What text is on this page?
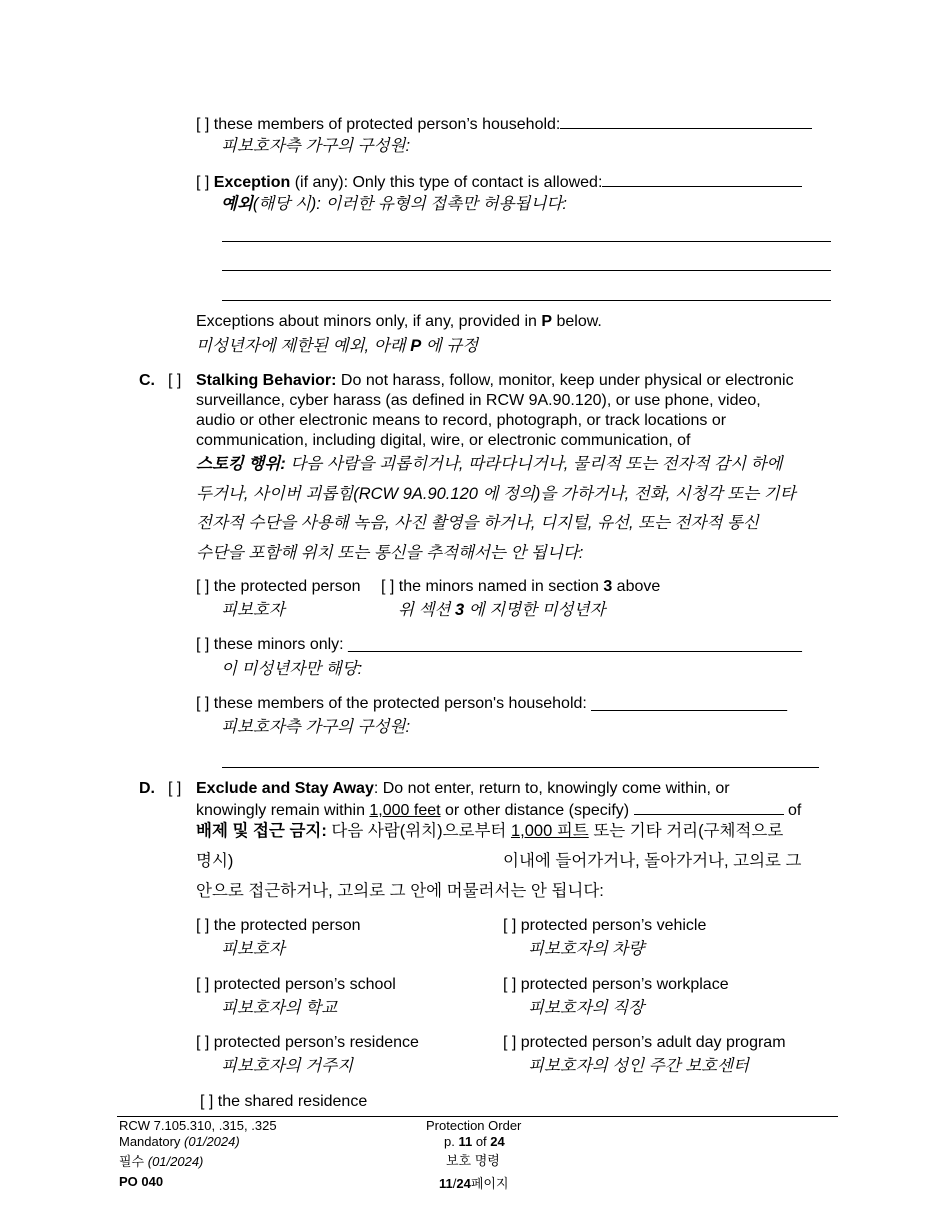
[ ] these members of protected person’s household:
피보호자측 가구의 구성원:
[ ] Exception (if any): Only this type of contact is allowed:
예외(해당 시): 이러한 유형의 접촉만 허용됩니다:
Exceptions about minors only, if any, provided in P below.
미성년자에 제한된 예외, 아래 P 에 규정
C. [ ] Stalking Behavior: Do not harass, follow, monitor, keep under physical or electronic
surveillance, cyber harass (as defined in RCW 9A.90.120), or use phone, video,
audio or other electronic means to record, photograph, or track locations or
communication, including digital, wire, or electronic communication, of
스토킹 행위: 다음 사람을 괴롭히거나, 따라다니거나, 물리적 또는 전자적 감시 하에
두거나, 사이버 괴롭힘(RCW 9A.90.120 에 정의)을 가하거나, 전화, 시청각 또는 기타
전자적 수단을 사용해 녹음, 사진 촬영을 하거나, 디지털, 유선, 또는 전자적 통신
수단을 포함해 위치 또는 통신을 추적해서는 안 됩니다:
[ ] the protected person [ ] the minors named in section 3 above
피보호자	위 섹션 3 에 지명한 미성년자
[ ] these minors only: ___________________________________________________
이 미성년자만 해당:
[ ] these members of the protected person's household: ______________________
피보호자측 가구의 구성원:
D. [ ] Exclude and Stay Away: Do not enter, return to, knowingly come within, or
knowingly remain within 1,000 feet or other distance (specify)	of
배제 및 접근 금지: 다음 사람(위치)으로부터 1,000 피트 또는 기타 거리(구체적으로
명시)	이내에 들어가거나, 돌아가거나, 고의로 그
안으로 접근하거나, 고의로 그 안에 머물러서는 안 됩니다:
[ ] the protected person
피보호자
[ ] protected person’s vehicle
피보호자의 차량
[ ] protected person’s school
피보호자의 학교
[ ] protected person’s workplace
피보호자의 직장
[ ] protected person’s residence
피보호자의 거주지
[ ] protected person’s adult day program
피보호자의 성인 주간 보호센터
[ ] the shared residence
RCW 7.105.310, .315, .325
Mandatory (01/2024)
필수 (01/2024)
PO 040
Protection Order
p. 11 of 24
보호 명령
11/24페이지
